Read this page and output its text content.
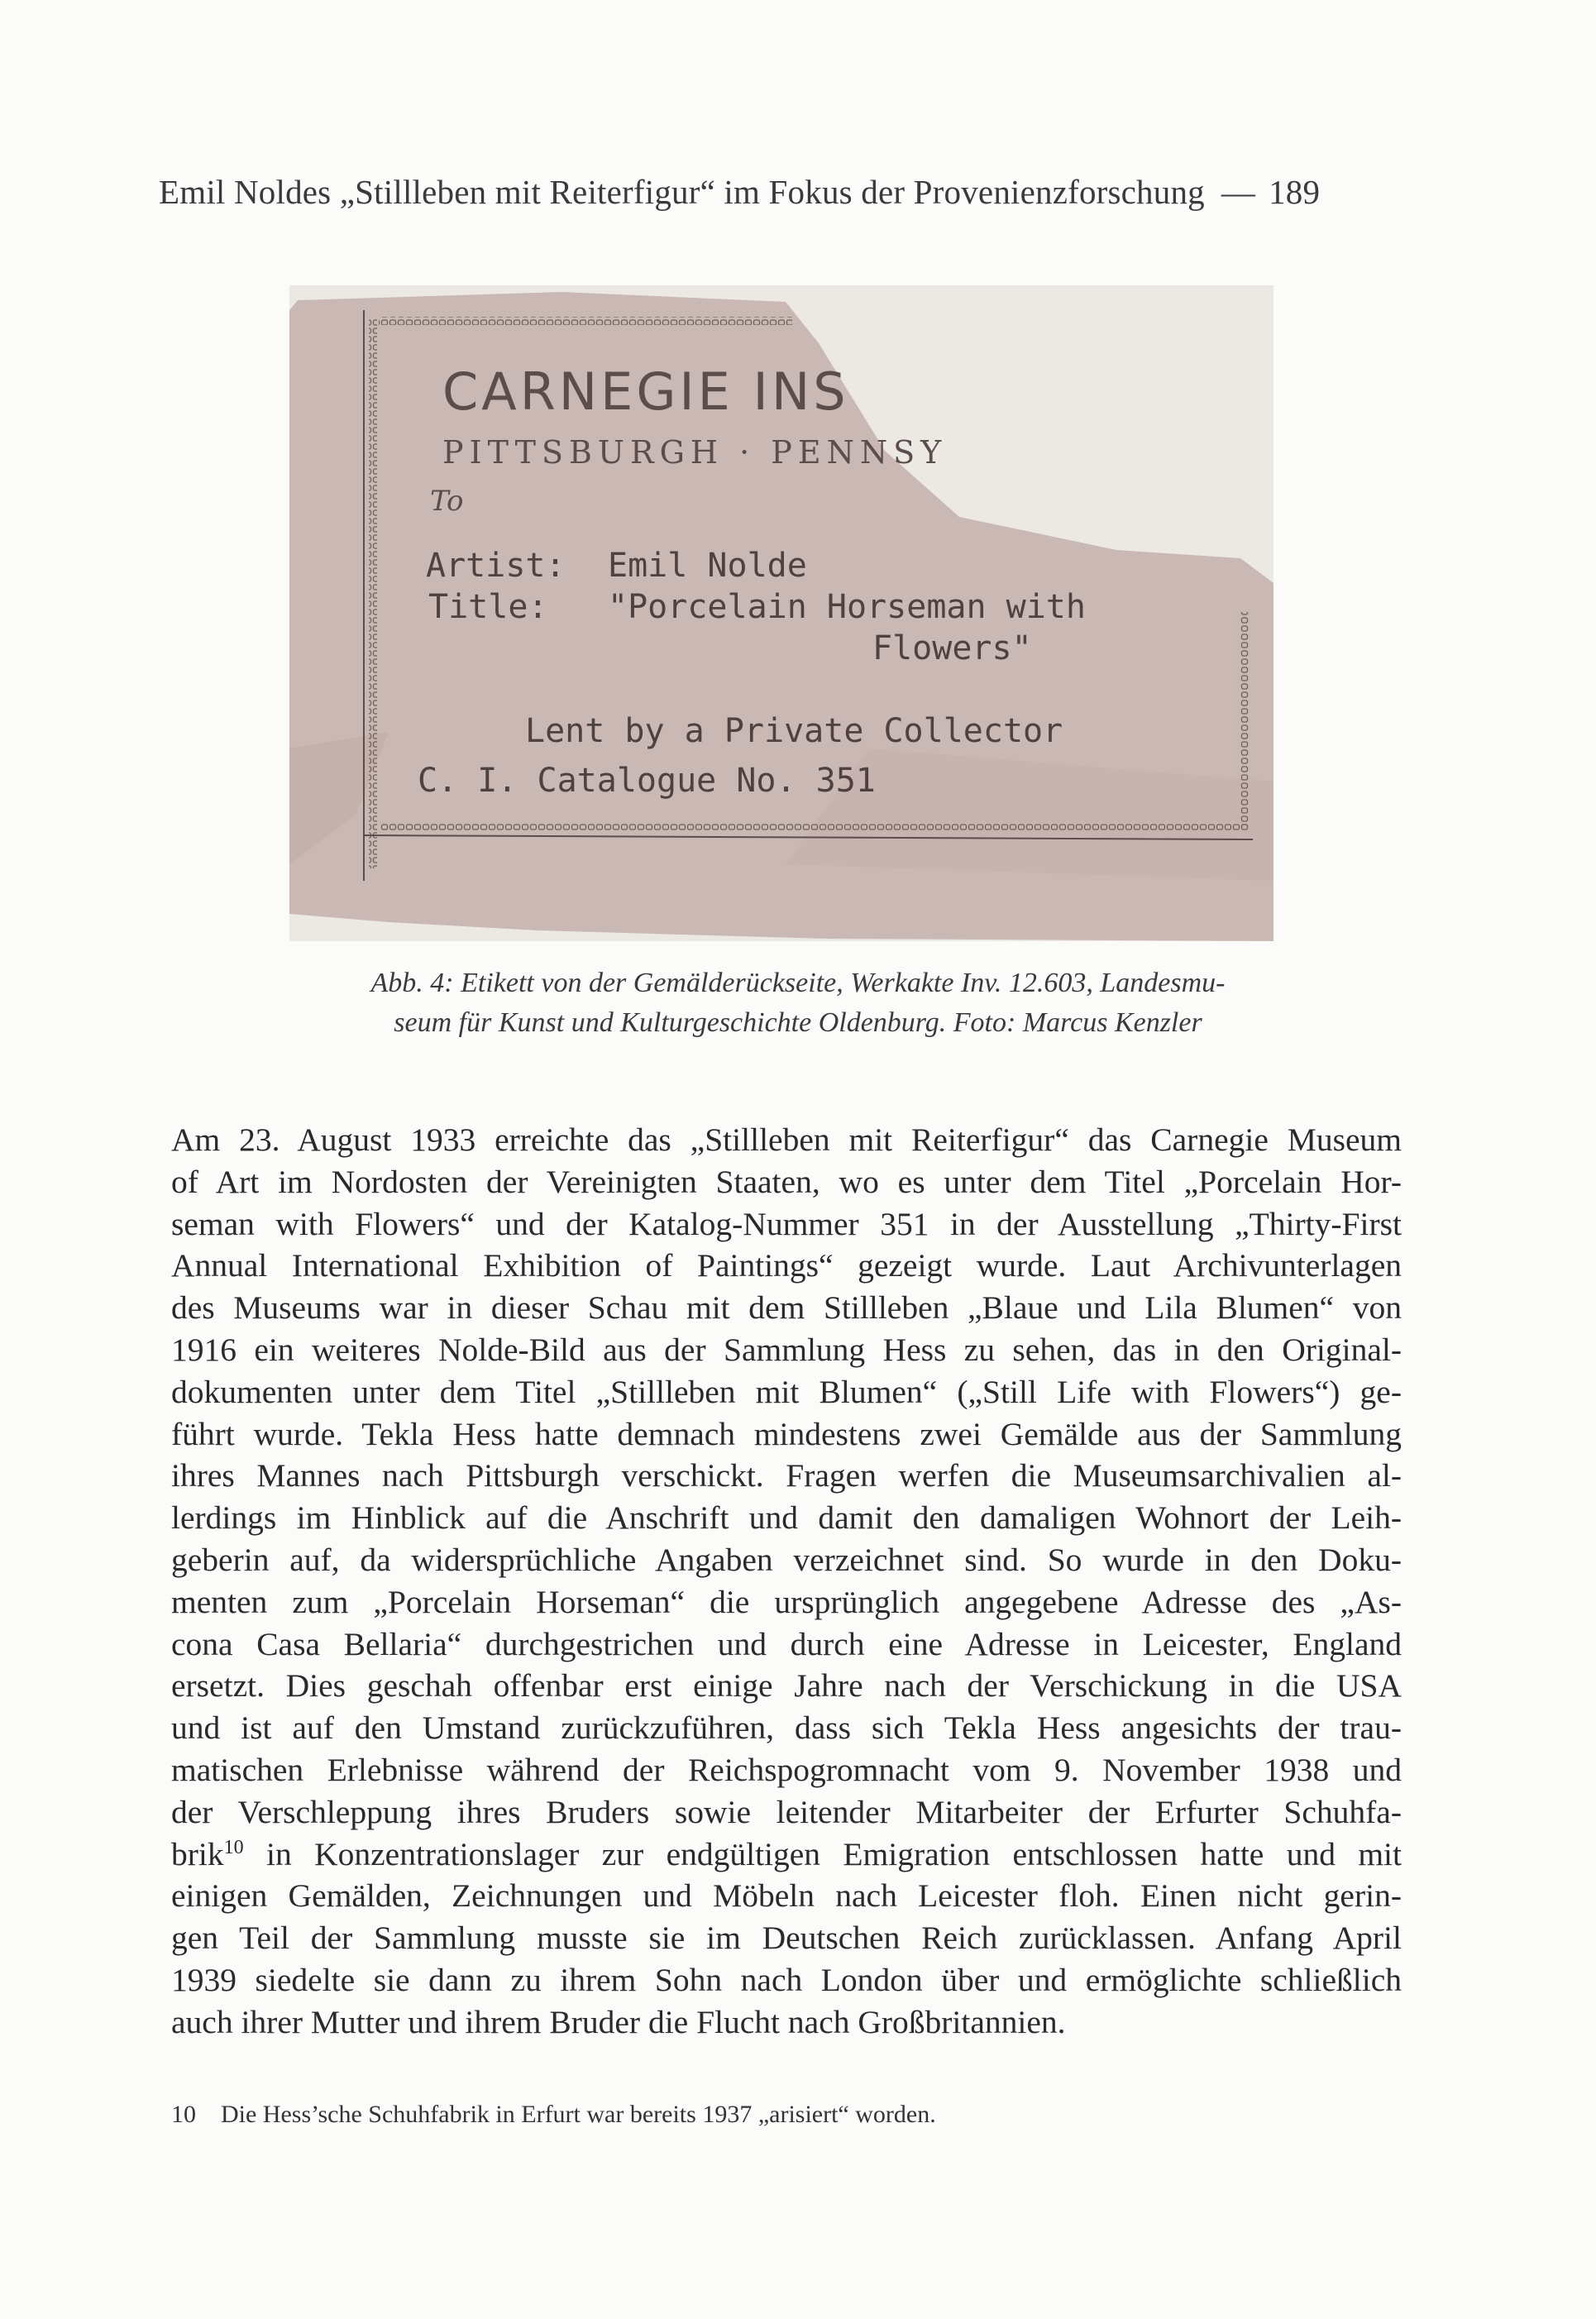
Emil Noldes „Stillleben mit Reiterfigur“ im Fokus der Provenienzforschung — 189
CARNEGIE INS
PITTSBURGH · PENNSY
To
Artist: Emil Nolde
Title: "Porcelain Horseman with
Flowers"
Lent by a Private Collector
C. I. Catalogue No. 351
Abb. 4: Etikett von der Gemälderückseite, Werkakte Inv. 12.603, Landesmu-
seum für Kunst und Kulturgeschichte Oldenburg. Foto: Marcus Kenzler
Am 23. August 1933 erreichte das „Stillleben mit Reiterfigur“ das Carnegie Museum
of Art im Nordosten der Vereinigten Staaten, wo es unter dem Titel „Porcelain Hor-
seman with Flowers“ und der Katalog-Nummer 351 in der Ausstellung „Thirty-First
Annual International Exhibition of Paintings“ gezeigt wurde. Laut Archivunterlagen
des Museums war in dieser Schau mit dem Stillleben „Blaue und Lila Blumen“ von
1916 ein weiteres Nolde-Bild aus der Sammlung Hess zu sehen, das in den Original-
dokumenten unter dem Titel „Stillleben mit Blumen“ („Still Life with Flowers“) ge-
führt wurde. Tekla Hess hatte demnach mindestens zwei Gemälde aus der Sammlung
ihres Mannes nach Pittsburgh verschickt. Fragen werfen die Museumsarchivalien al-
lerdings im Hinblick auf die Anschrift und damit den damaligen Wohnort der Leih-
geberin auf, da widersprüchliche Angaben verzeichnet sind. So wurde in den Doku-
menten zum „Porcelain Horseman“ die ursprünglich angegebene Adresse des „As-
cona Casa Bellaria“ durchgestrichen und durch eine Adresse in Leicester, England
ersetzt. Dies geschah offenbar erst einige Jahre nach der Verschickung in die USA
und ist auf den Umstand zurückzuführen, dass sich Tekla Hess angesichts der trau-
matischen Erlebnisse während der Reichspogromnacht vom 9. November 1938 und
der Verschleppung ihres Bruders sowie leitender Mitarbeiter der Erfurter Schuhfa-
brik$^{10}$ in Konzentrationslager zur endgültigen Emigration entschlossen hatte und mit
einigen Gemälden, Zeichnungen und Möbeln nach Leicester floh. Einen nicht gerin-
gen Teil der Sammlung musste sie im Deutschen Reich zurücklassen. Anfang April
1939 siedelte sie dann zu ihrem Sohn nach London über und ermöglichte schließlich
auch ihrer Mutter und ihrem Bruder die Flucht nach Großbritannien.
10 Die Hess’sche Schuhfabrik in Erfurt war bereits 1937 „arisiert“ worden.
